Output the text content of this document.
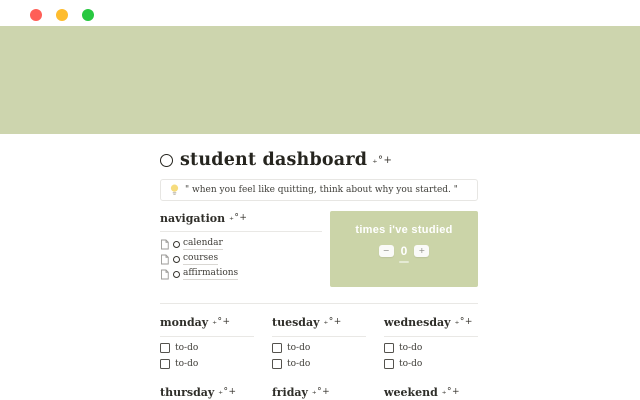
student dashboard ₊°+
" when you feel like quitting, think about why you started. "
navigation ₊°+
calendar
courses
affirmations
times i've studied
− 0	+
monday ₊°+
to-do
to-do
tuesday ₊°+
to-do
to-do
wednesday ₊°+
to-do
to-do
thursday ₊°+	friday ₊°+	weekend ₊°+
